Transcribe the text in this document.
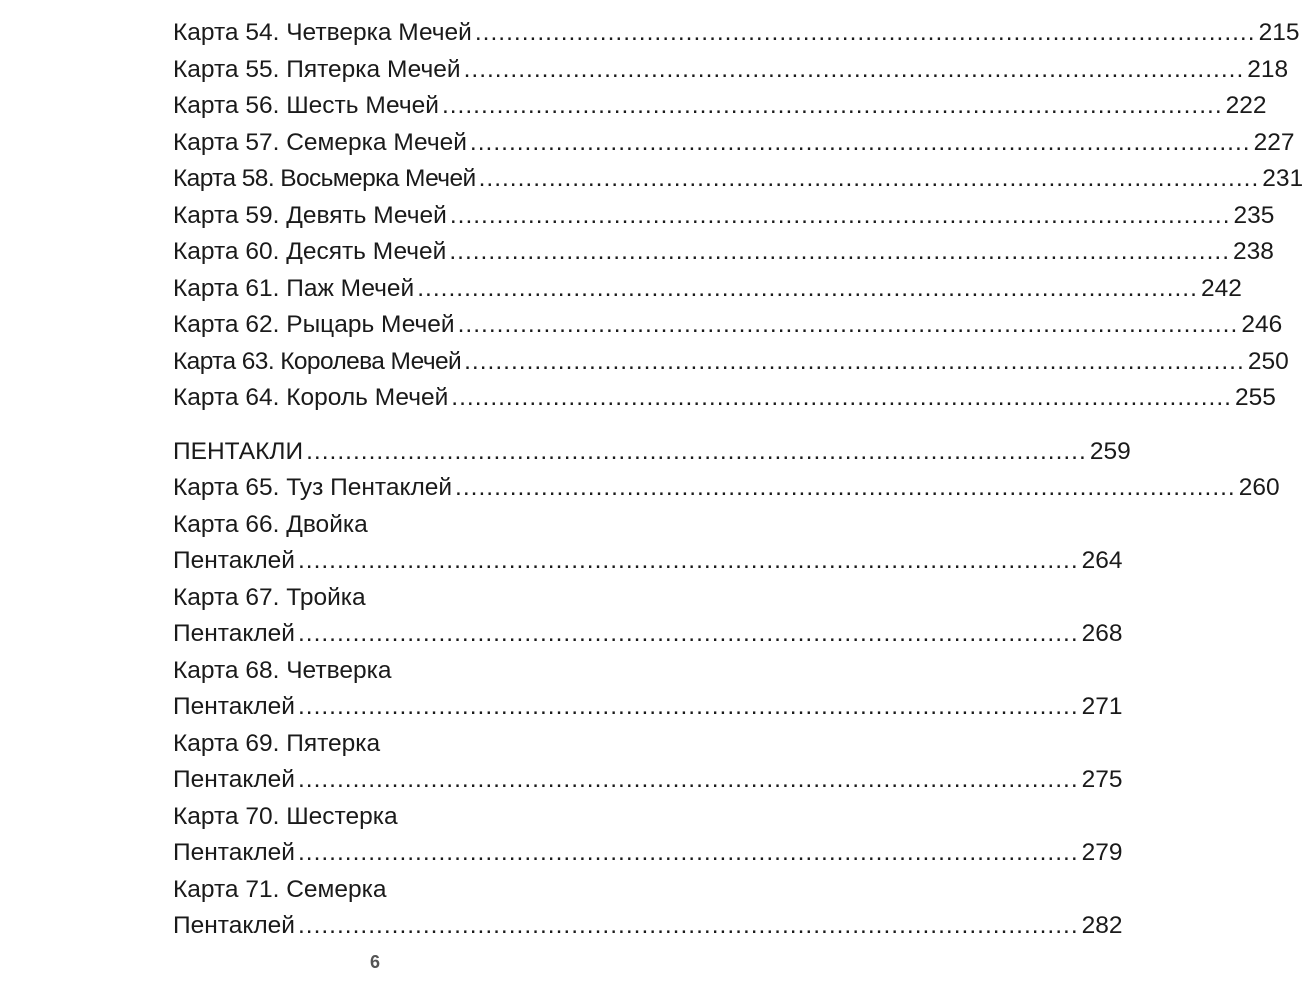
Карта 54. Четверка Мечей .................................................................................................... 215
Карта 55. Пятерка Мечей .................................................................................................... 218
Карта 56. Шесть Мечей .................................................................................................... 222
Карта 57. Семерка Мечей .................................................................................................... 227
Карта 58. Восьмерка Мечей .................................................................................................... 231
Карта 59. Девять Мечей .................................................................................................... 235
Карта 60. Десять Мечей .................................................................................................... 238
Карта 61. Паж Мечей .................................................................................................... 242
Карта 62. Рыцарь Мечей .................................................................................................... 246
Карта 63. Королева Мечей .................................................................................................... 250
Карта 64. Король Мечей .................................................................................................... 255
ПЕНТАКЛИ .................................................................................................... 259
Карта 65. Туз Пентаклей .................................................................................................... 260
Карта 66. Двойка
Пентаклей .................................................................................................... 264
Карта 67. Тройка
Пентаклей .................................................................................................... 268
Карта 68. Четверка
Пентаклей .................................................................................................... 271
Карта 69. Пятерка
Пентаклей .................................................................................................... 275
Карта 70. Шестерка
Пентаклей .................................................................................................... 279
Карта 71. Семерка
Пентаклей .................................................................................................... 282
6
